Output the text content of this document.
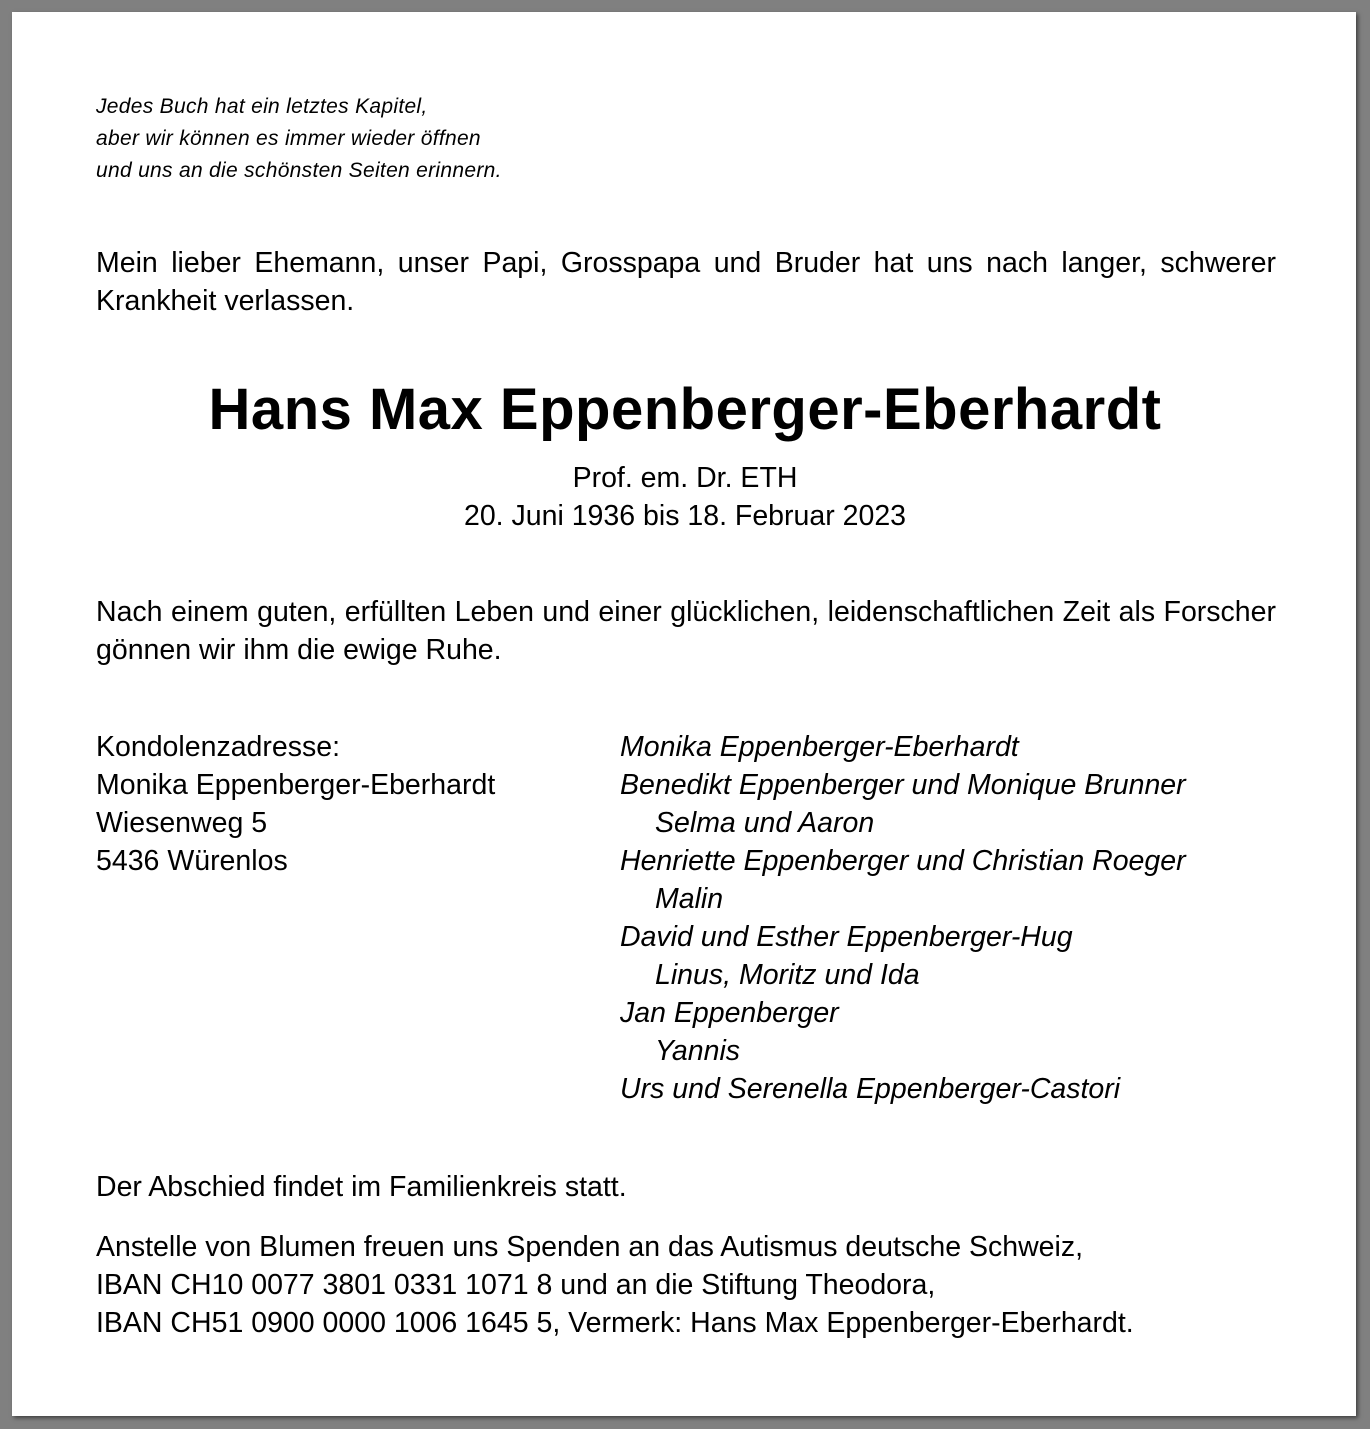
Jedes Buch hat ein letztes Kapitel,
aber wir können es immer wieder öffnen
und uns an die schönsten Seiten erinnern.
Mein lieber Ehemann, unser Papi, Grosspapa und Bruder hat uns nach langer, schwerer Krankheit verlassen.
Hans Max Eppenberger-Eberhardt
Prof. em. Dr. ETH
20. Juni 1936 bis 18. Februar 2023
Nach einem guten, erfüllten Leben und einer glücklichen, leidenschaftlichen Zeit als Forscher gönnen wir ihm die ewige Ruhe.
Kondolenzadresse:
Monika Eppenberger-Eberhardt
Wiesenweg 5
5436 Würenlos
Monika Eppenberger-Eberhardt
Benedikt Eppenberger und Monique Brunner
Selma und Aaron
Henriette Eppenberger und Christian Roeger
Malin
David und Esther Eppenberger-Hug
Linus, Moritz und Ida
Jan Eppenberger
Yannis
Urs und Serenella Eppenberger-Castori
Der Abschied findet im Familienkreis statt.
Anstelle von Blumen freuen uns Spenden an das Autismus deutsche Schweiz,
IBAN CH10 0077 3801 0331 1071 8 und an die Stiftung Theodora,
IBAN CH51 0900 0000 1006 1645 5, Vermerk: Hans Max Eppenberger-Eberhardt.
